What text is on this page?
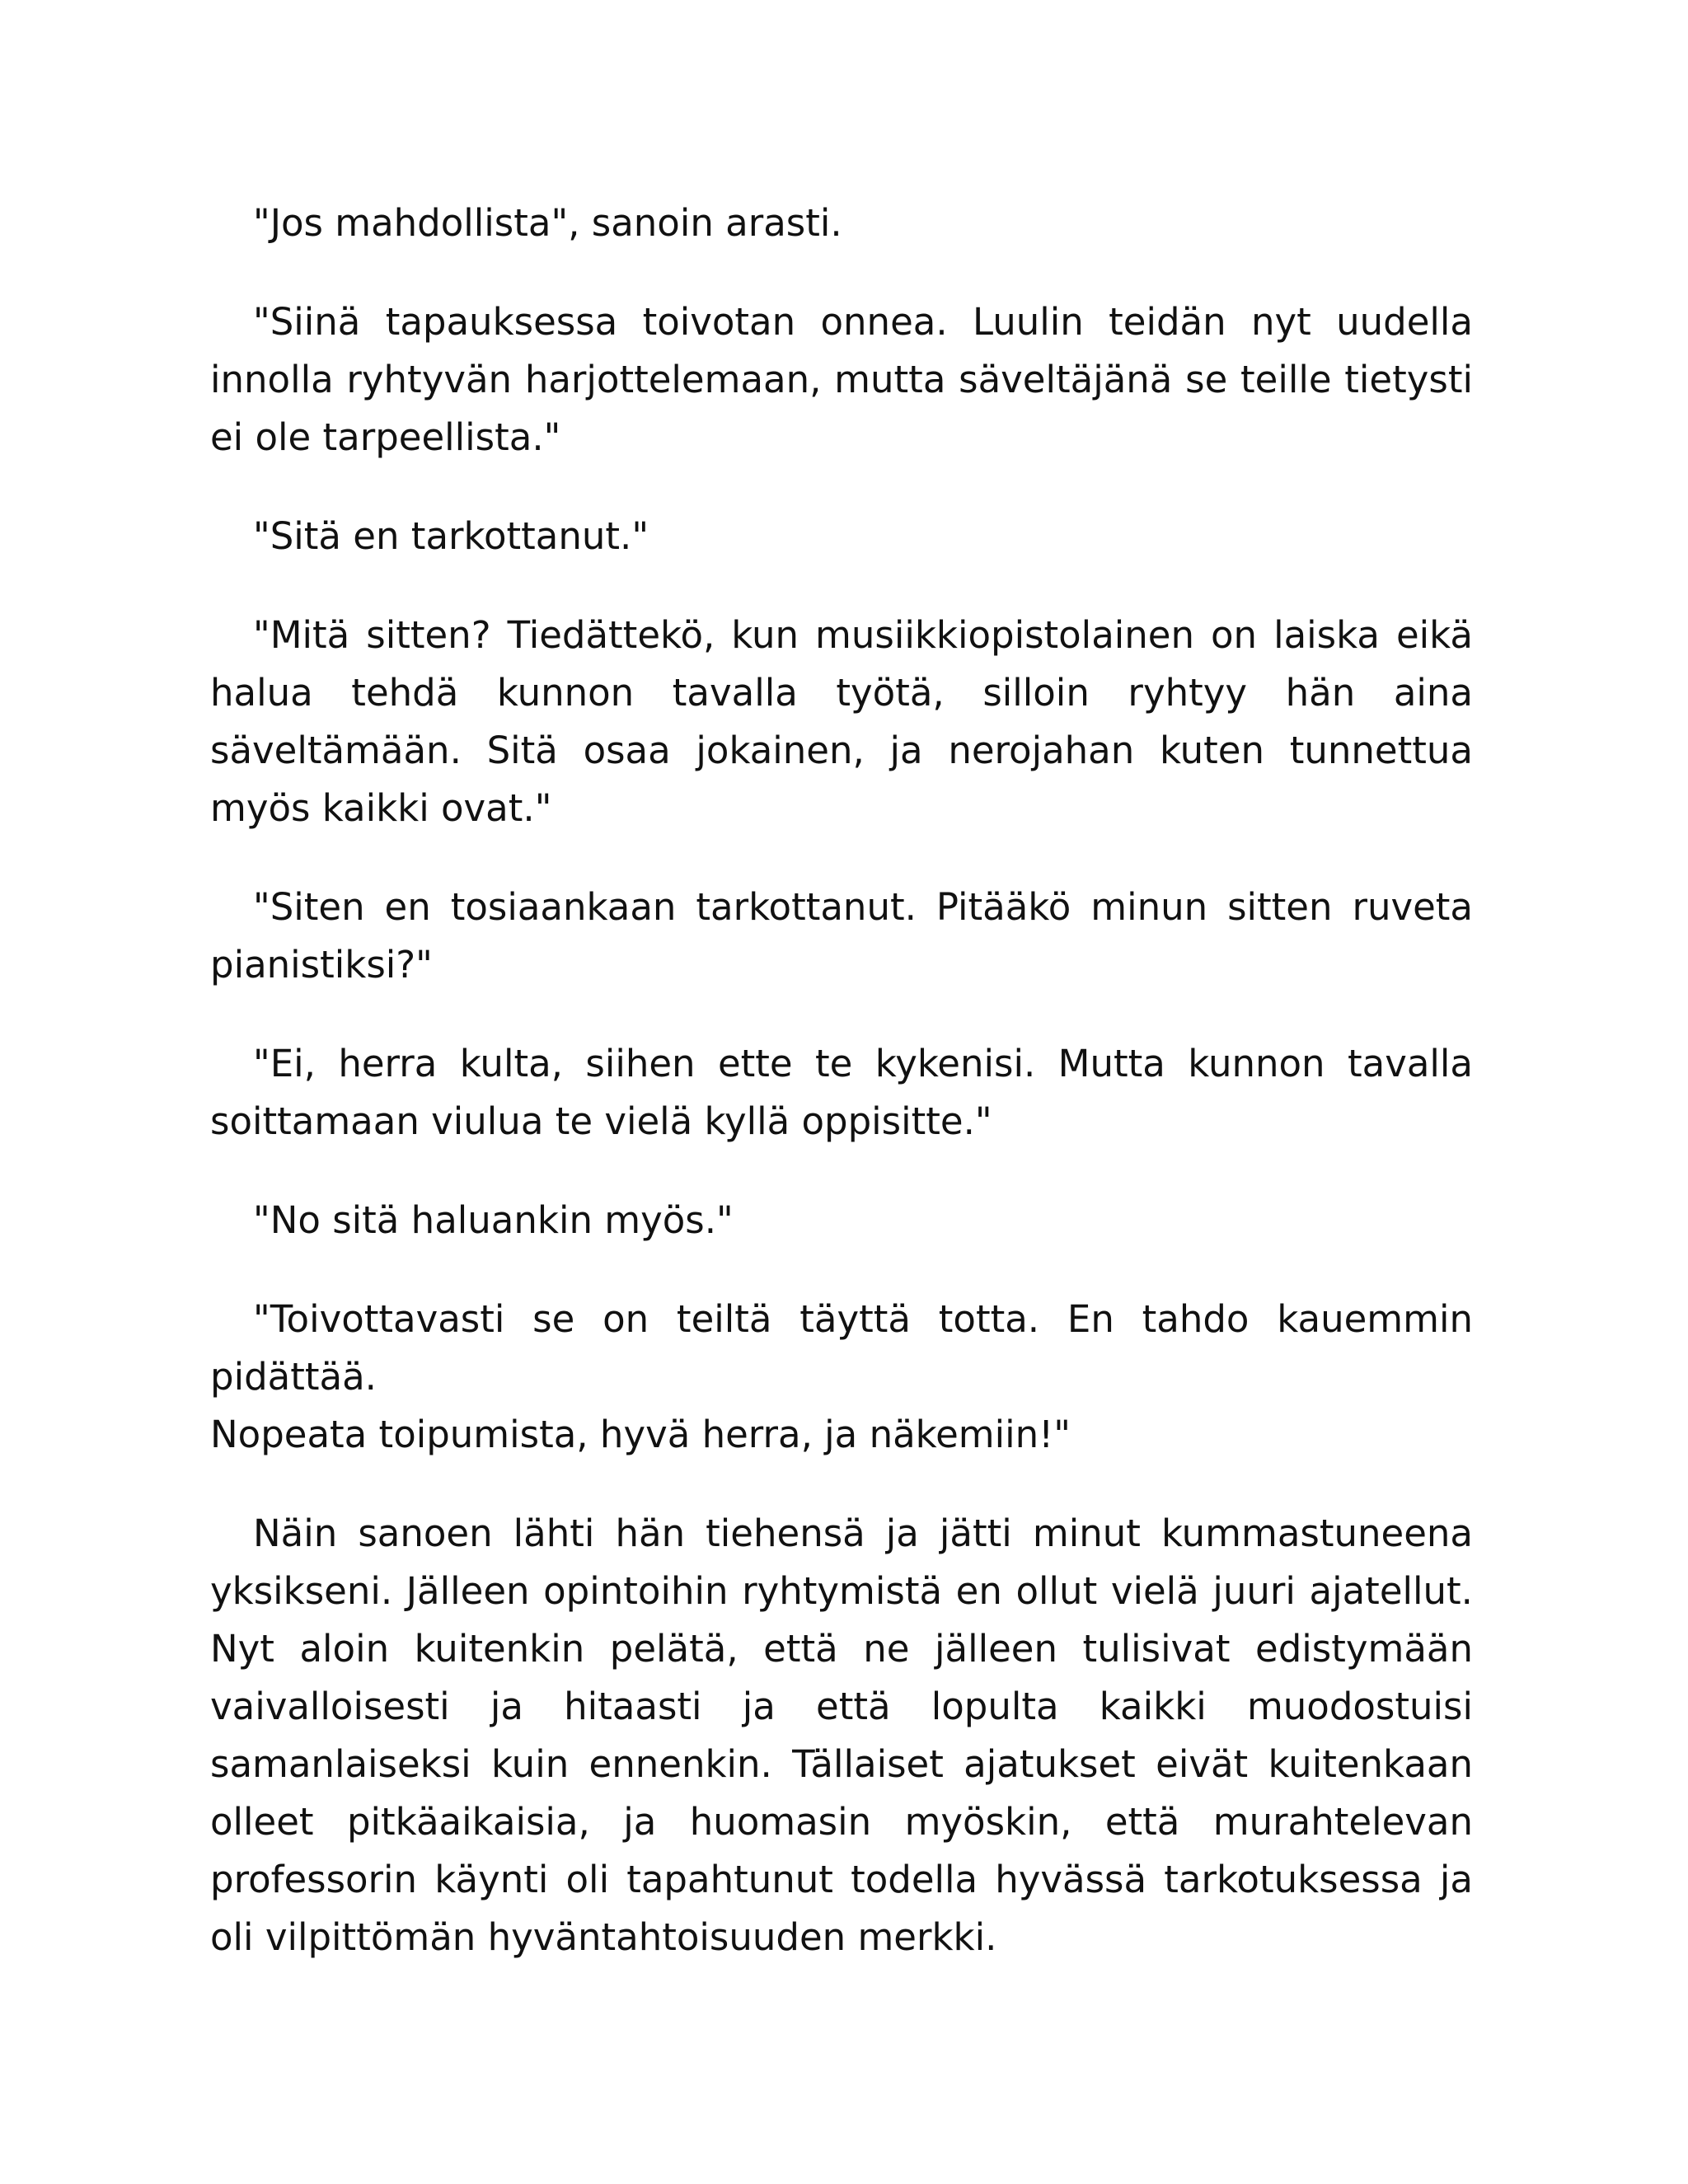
"Jos mahdollista", sanoin arasti.

"Siinä tapauksessa toivotan onnea. Luulin teidän nyt uudella innolla ryhtyvän harjottelemaan, mutta säveltäjänä se teille tietysti ei ole tarpeellista."

"Sitä en tarkottanut."

"Mitä sitten? Tiedättekö, kun musiikkiopistolainen on laiska eikä halua tehdä kunnon tavalla työtä, silloin ryhtyy hän aina säveltämään. Sitä osaa jokainen, ja nerojahan kuten tunnettua myös kaikki ovat."

"Siten en tosiaankaan tarkottanut. Pitääkö minun sitten ruveta pianistiksi?"

"Ei, herra kulta, siihen ette te kykenisi. Mutta kunnon tavalla soittamaan viulua te vielä kyllä oppisitte."

"No sitä haluankin myös."

"Toivottavasti se on teiltä täyttä totta. En tahdo kauemmin pidättää.
Nopeata toipumista, hyvä herra, ja näkemiin!"

Näin sanoen lähti hän tiehensä ja jätti minut kummastuneena yksikseni. Jälleen opintoihin ryhtymistä en ollut vielä juuri ajatellut. Nyt aloin kuitenkin pelätä, että ne jälleen tulisivat edistymään vaivalloisesti ja hitaasti ja että lopulta kaikki muodostuisi samanlaiseksi kuin ennenkin. Tällaiset ajatukset eivät kuitenkaan olleet pitkäaikaisia, ja huomasin myöskin, että murahtelevan professorin käynti oli tapahtunut todella hyvässä tarkotuksessa ja oli vilpittömän hyväntahtoisuuden merkki.
